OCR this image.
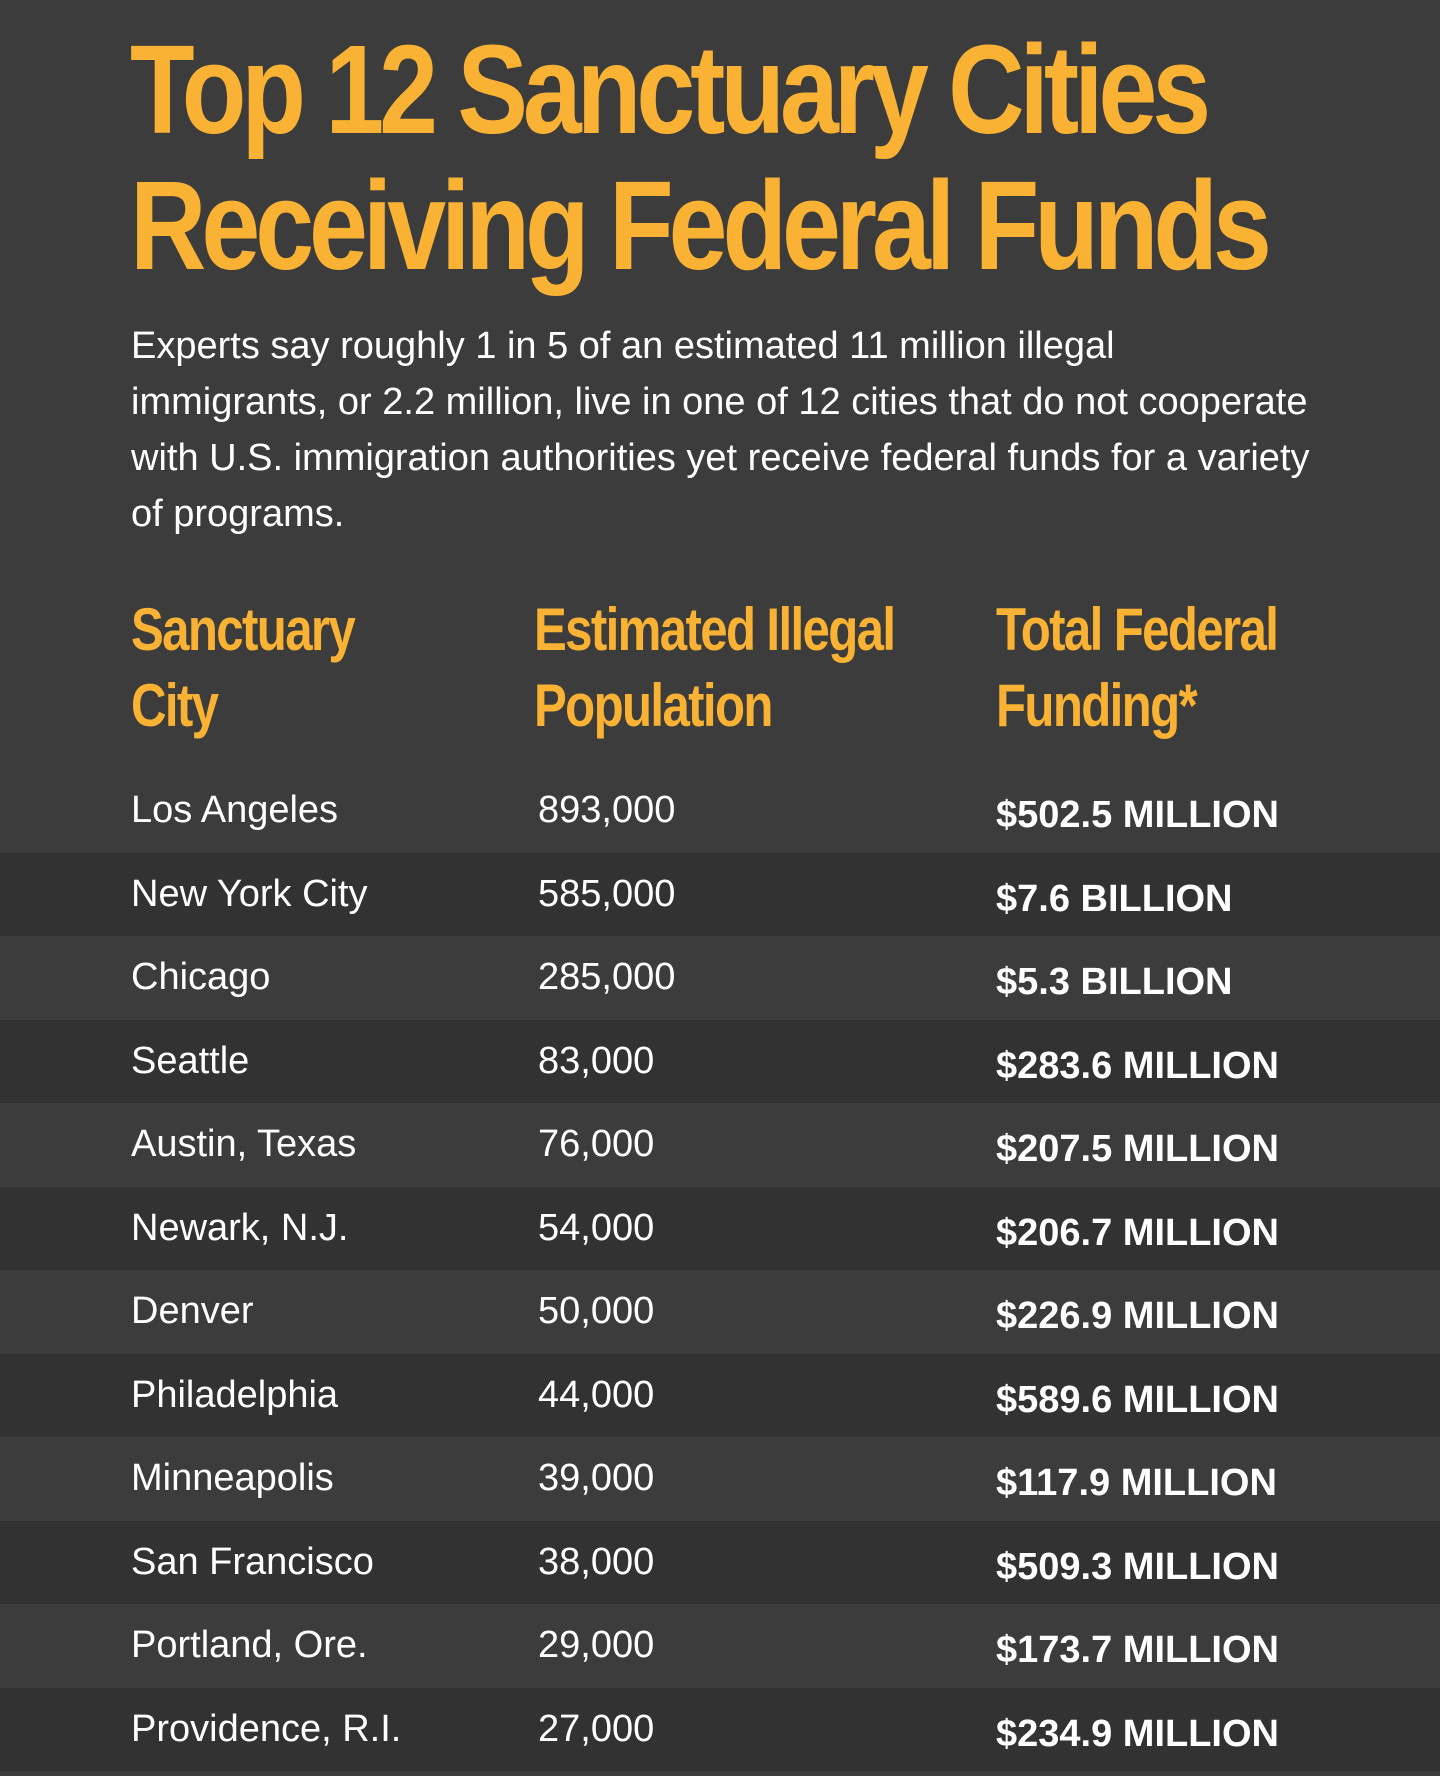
Top 12 Sanctuary Cities
Receiving Federal Funds

Experts say roughly 1 in 5 of an estimated 11 million illegal immigrants, or 2.2 million, live in one of 12 cities that do not cooperate with U.S. immigration authorities yet receive federal funds for a variety of programs.

Sanctuary
City
Estimated Illegal
Population
Total Federal
Funding*
Los Angeles	893,000	$502.5 MILLION
New York City	585,000	$7.6 BILLION
Chicago	285,000	$5.3 BILLION
Seattle	83,000	$283.6 MILLION
Austin, Texas	76,000	$207.5 MILLION
Newark, N.J.	54,000	$206.7 MILLION
Denver	50,000	$226.9 MILLION
Philadelphia	44,000	$589.6 MILLION
Minneapolis	39,000	$117.9 MILLION
San Francisco	38,000	$509.3 MILLION
Portland, Ore.	29,000	$173.7 MILLION
Providence, R.I.	27,000	$234.9 MILLION
